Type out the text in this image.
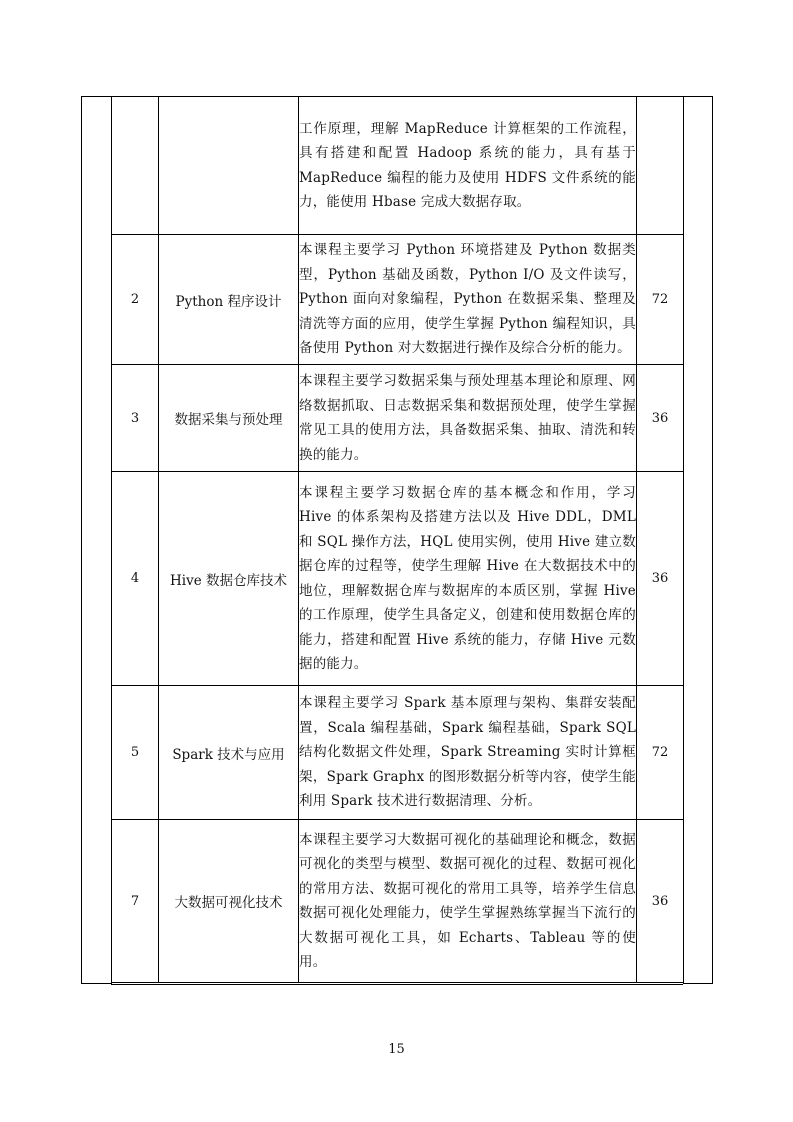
		工作原理，理解 MapReduce 计算框架的工作流程，具有搭建和配置 Hadoop 系统的能力，具有基于 MapReduce 编程的能力及使用 HDFS 文件系统的能力，能使用 Hbase 完成大数据存取。	
2	Python 程序设计	本课程主要学习 Python 环境搭建及 Python 数据类型，Python 基础及函数，Python I/O 及文件读写，Python 面向对象编程，Python 在数据采集、整理及清洗等方面的应用，使学生掌握 Python 编程知识，具备使用 Python 对大数据进行操作及综合分析的能力。	72
3	数据采集与预处理	本课程主要学习数据采集与预处理基本理论和原理、网络数据抓取、日志数据采集和数据预处理，使学生掌握常见工具的使用方法，具备数据采集、抽取、清洗和转换的能力。	36
4	Hive 数据仓库技术	本课程主要学习数据仓库的基本概念和作用，学习 Hive 的体系架构及搭建方法以及 Hive DDL，DML 和 SQL 操作方法，HQL 使用实例，使用 Hive 建立数据仓库的过程等，使学生理解 Hive 在大数据技术中的地位，理解数据仓库与数据库的本质区别，掌握 Hive 的工作原理，使学生具备定义，创建和使用数据仓库的能力，搭建和配置 Hive 系统的能力，存储 Hive 元数据的能力。	36
5	Spark 技术与应用	本课程主要学习 Spark 基本原理与架构、集群安装配置，Scala 编程基础，Spark 编程基础，Spark SQL 结构化数据文件处理，Spark Streaming 实时计算框架，Spark Graphx 的图形数据分析等内容，使学生能利用 Spark 技术进行数据清理、分析。	72
7	大数据可视化技术	本课程主要学习大数据可视化的基础理论和概念，数据可视化的类型与模型、数据可视化的过程、数据可视化的常用方法、数据可视化的常用工具等，培养学生信息数据可视化处理能力，使学生掌握熟练掌握当下流行的大数据可视化工具，如 Echarts、Tableau 等的使用。	36
15
